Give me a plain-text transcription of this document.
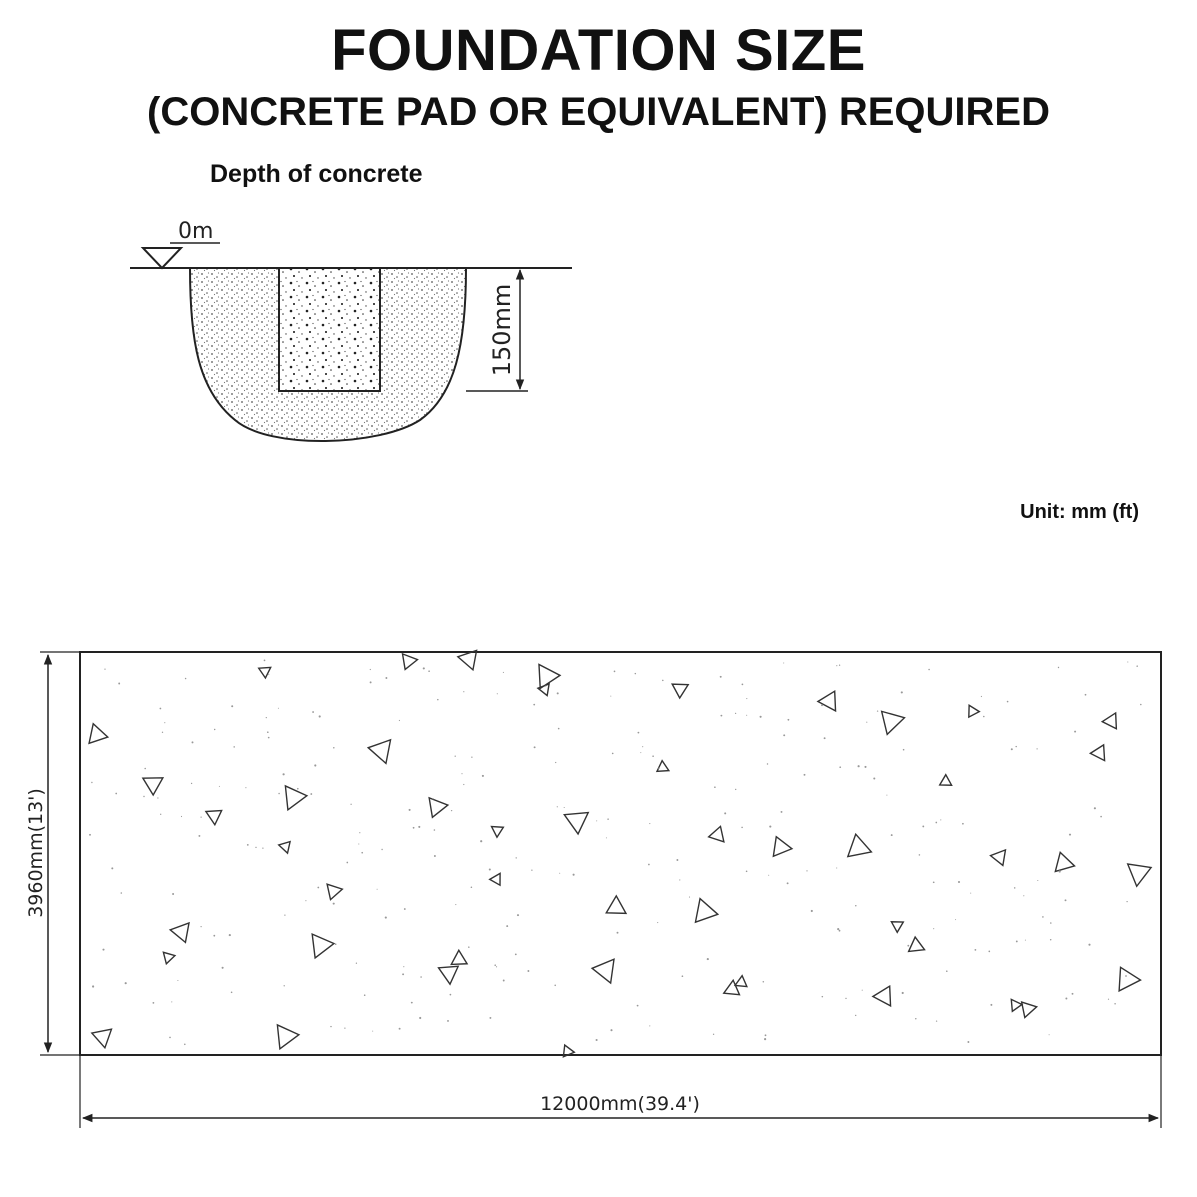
FOUNDATION SIZE
(CONCRETE PAD OR EQUIVALENT) REQUIRED
Depth of concrete
Unit: mm (ft)
0m
150mm
3960mm(13')
12000mm(39.4')
